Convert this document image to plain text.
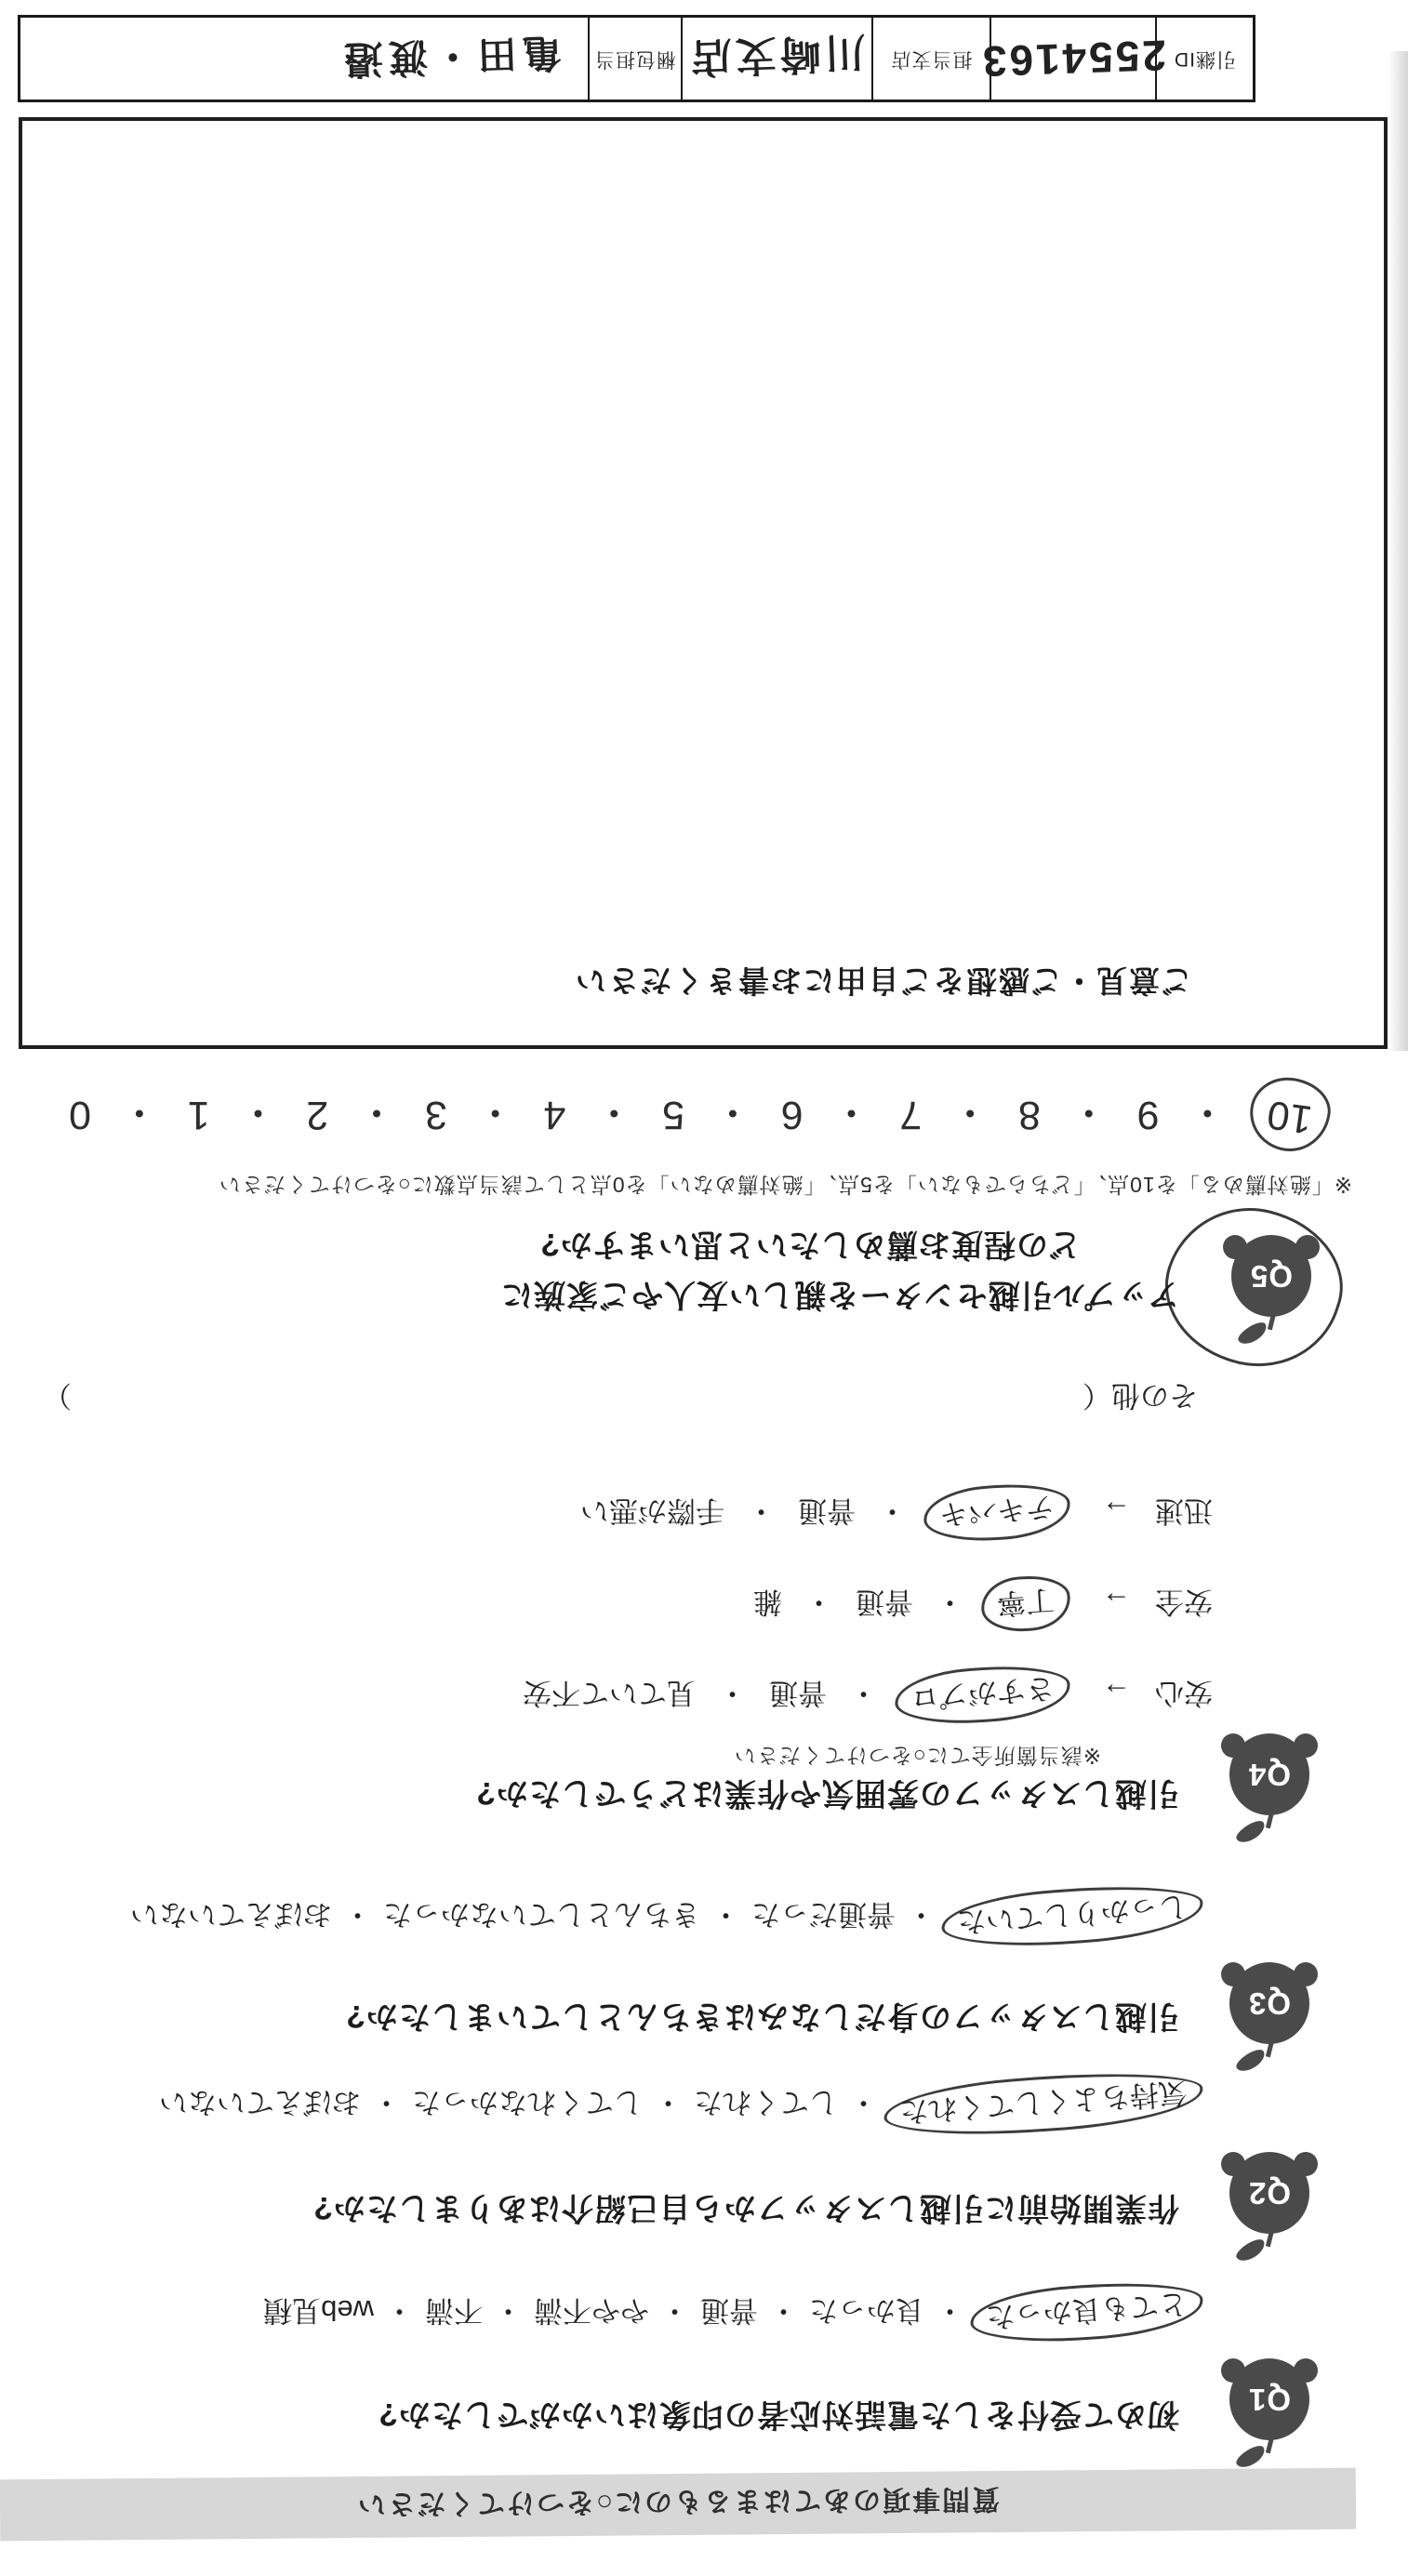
質問事項のあてはまるものに○をつけてください
Q1
初めて受付をした電話対応者の印象はいかがでしたか?
とても良かった・良かった・普通・やや不満・不満・web見積
Q2
作業開始前に引越しスタッフから自己紹介はありましたか?
気持ちよくしてくれた・してくれた・してくれなかった・おぼえていない
Q3
引越しスタッフの身だしなみはきちんとしていましたか?
しっかりしていた・普通だった・きちんとしていなかった・おぼえていない
Q4
引越しスタッフの雰囲気や作業はどうでしたか?
※該当箇所全てに○をつけてください
安心→さすがプロ・普通・見ていて不安
安全→丁寧・普通・雑
迅速→テキパキ・普通・手際が悪い
その他（
）
Q5
アップル引越センターを親しい友人やご家族に
どの程度お薦めしたいと思いますか?
※「絶対薦める」を10点、「どちらでもない」を5点、「絶対薦めない」を0点として該当点数に○をつけてください
10
・
9
・
8
・
7
・
6
・
5
・
4
・
3
・
2
・
1
・
0
ご意見・ご感想をご自由にお書きください
引継ID
2554163
担当支店
川崎支店
梱包担当
亀田・渡邉
